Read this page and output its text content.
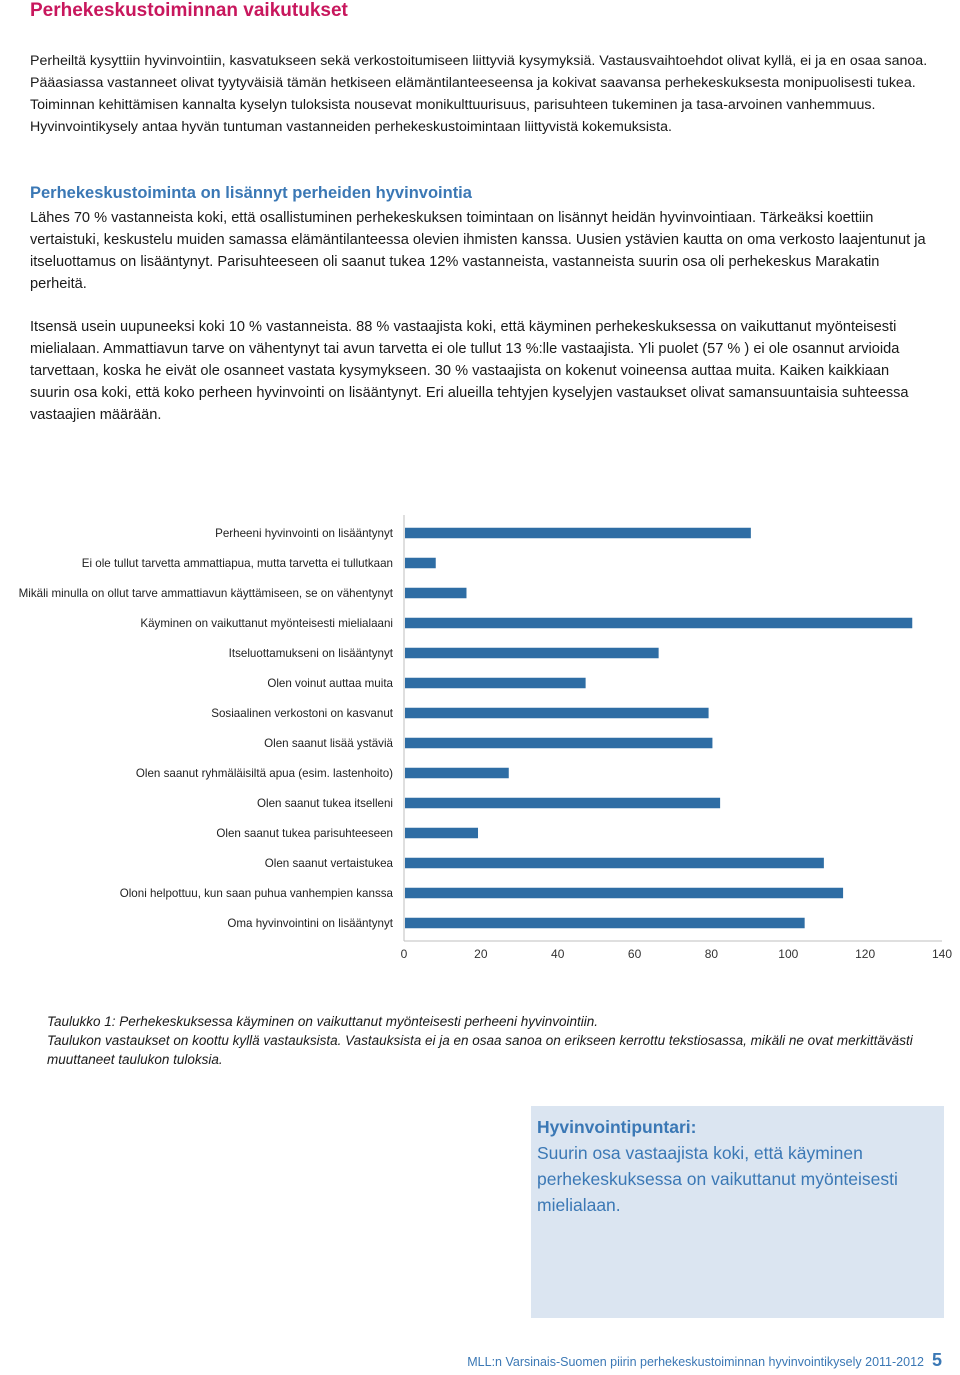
Perhekeskustoiminnan vaikutukset

Perheiltä kysyttiin hyvinvointiin, kasvatukseen sekä verkostoitumiseen liittyviä kysymyksiä. Vastausvaihtoehdot olivat kyllä, ei ja en osaa sanoa. Pääasiassa vastanneet olivat tyytyväisiä tämän hetkiseen elämäntilanteeseensa ja kokivat saavansa perhekeskuksesta monipuolisesti tukea.

Toiminnan kehittämisen kannalta kyselyn tuloksista nousevat monikulttuurisuus, parisuhteen tukeminen ja tasa-arvoinen vanhemmuus. Hyvinvointikysely antaa hyvän tuntuman vastanneiden perhekeskustoimintaan liittyvistä kokemuksista.

Perhekeskustoiminta on lisännyt perheiden hyvinvointia

Lähes 70 % vastanneista koki, että osallistuminen perhekeskuksen toimintaan on lisännyt heidän hyvinvointiaan. Tärkeäksi koettiin vertaistuki, keskustelu muiden samassa elämäntilanteessa olevien ihmisten kanssa. Uusien ystävien kautta on oma verkosto laajentunut ja itseluottamus on lisääntynyt. Parisuhteeseen oli saanut tukea 12% vastanneista, vastanneista suurin osa oli perhekeskus Marakatin perheitä.

Itsensä usein uupuneeksi koki 10 % vastanneista. 88 % vastaajista koki, että käyminen perhekeskuksessa on vaikuttanut myönteisesti mielialaan. Ammattiavun tarve on vähentynyt tai avun tarvetta ei ole tullut 13 %:lle vastaajista. Yli puolet (57 % ) ei ole osannut arvioida tarvettaan, koska he eivät ole osanneet vastata kysymykseen. 30 % vastaajista on kokenut voineensa auttaa muita. Kaiken kaikkiaan suurin osa koki, että koko perheen hyvinvointi on lisääntynyt. Eri alueilla tehtyjen kyselyjen vastaukset olivat samansuuntaisia suhteessa vastaajien määrään.

Perheeni hyvinvointi on lisääntynyt
Ei ole tullut tarvetta ammattiapua, mutta tarvetta ei tullutkaan
Mikäli minulla on ollut tarve ammattiavun käyttämiseen, se on vähentynyt
Käyminen on vaikuttanut myönteisesti mielialaani
Itseluottamukseni on lisääntynyt
Olen voinut auttaa muita
Sosiaalinen verkostoni on kasvanut
Olen saanut lisää ystäviä
Olen saanut ryhmäläisiltä apua (esim. lastenhoito)
Olen saanut tukea itselleni
Olen saanut tukea parisuhteeseen
Olen saanut vertaistukea
Oloni helpottuu, kun saan puhua vanhempien kanssa
Oma hyvinvointini on lisääntynyt
0	20	40	60	80	100	120	140
Taulukko 1: Perhekeskuksessa käyminen on vaikuttanut myönteisesti perheeni hyvinvointiin.
Taulukon vastaukset on koottu kyllä vastauksista. Vastauksista ei ja en osaa sanoa on erikseen kerrottu tekstiosassa, mikäli ne ovat merkittävästi muuttaneet taulukon tuloksia.
Hyvinvointipuntari:
Suurin osa vastaajista koki, että käyminen perhekeskuksessa on vaikuttanut myönteisesti mielialaan.
MLL:n Varsinais-Suomen piirin perhekeskustoiminnan hyvinvointikysely 2011-2012 5
